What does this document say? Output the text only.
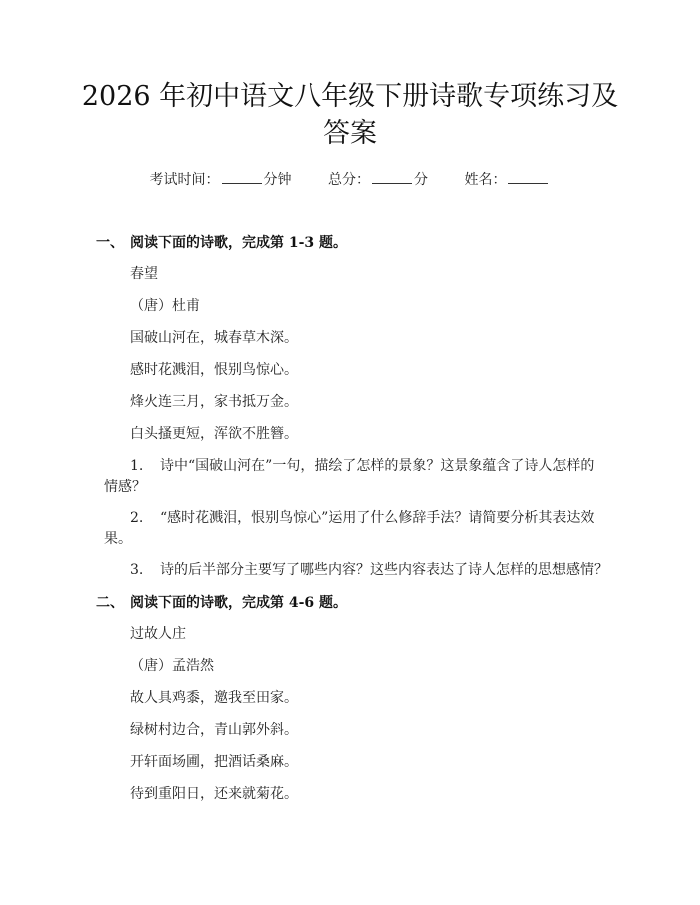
2026 年初中语文八年级下册诗歌专项练习及
答案
考试时间：	分钟	总分：	分	姓名：
一、 阅读下面的诗歌，完成第 1-3 题。
春望
（唐）杜甫
国破山河在，城春草木深。
感时花溅泪，恨别鸟惊心。
烽火连三月，家书抵万金。
白头搔更短，浑欲不胜簪。
1. 诗中“国破山河在”一句，描绘了怎样的景象？这景象蕴含了诗人怎样的
情感？
2. “感时花溅泪，恨别鸟惊心”运用了什么修辞手法？请简要分析其表达效
果。
3. 诗的后半部分主要写了哪些内容？这些内容表达了诗人怎样的思想感情？
二、 阅读下面的诗歌，完成第 4-6 题。
过故人庄
（唐）孟浩然
故人具鸡黍，邀我至田家。
绿树村边合，青山郭外斜。
开轩面场圃，把酒话桑麻。
待到重阳日，还来就菊花。
